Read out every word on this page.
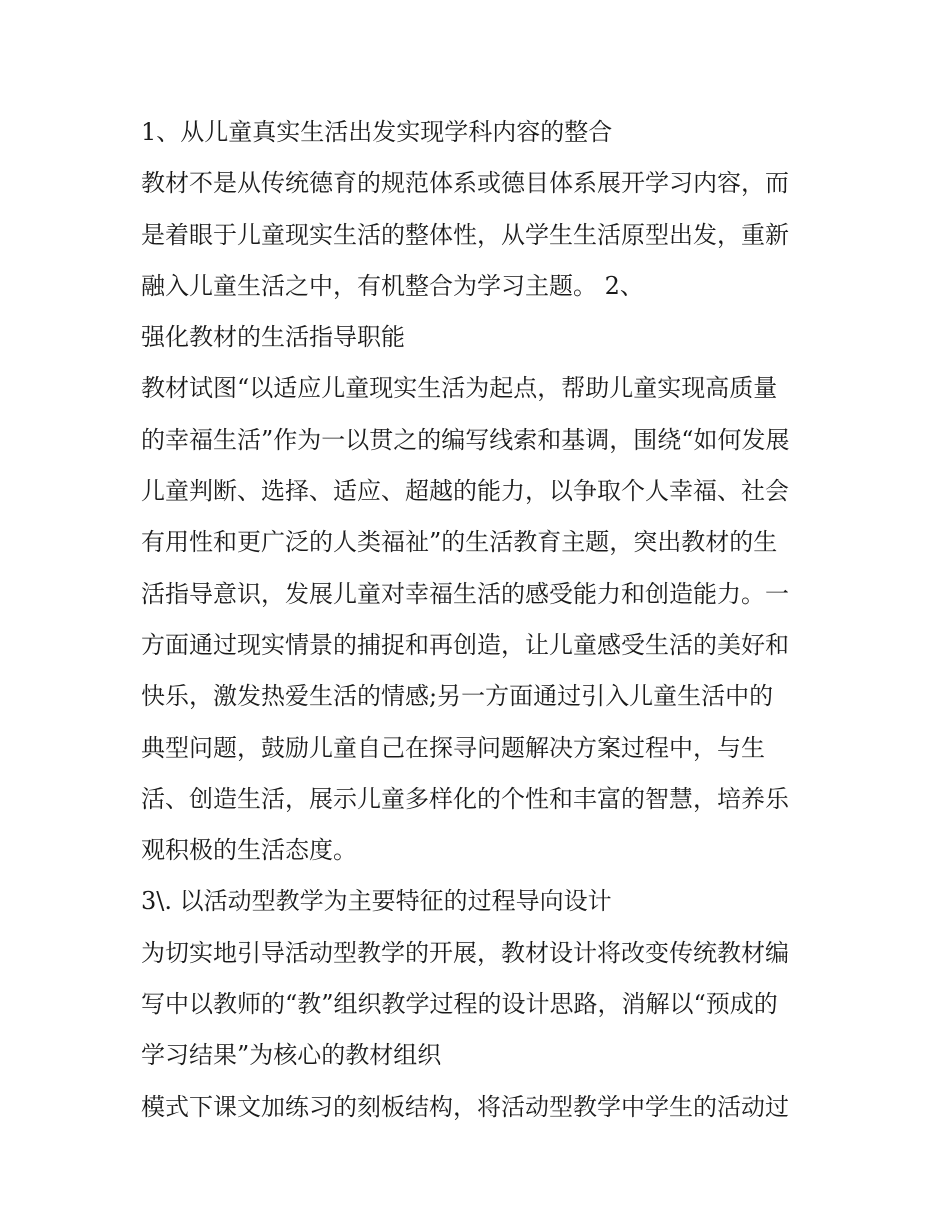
1、从儿童真实生活出发实现学科内容的整合
教材不是从传统德育的规范体系或德目体系展开学习内容，而
是着眼于儿童现实生活的整体性，从学生生活原型出发，重新
融入儿童生活之中，有机整合为学习主题。 2、
强化教材的生活指导职能
教材试图“以适应儿童现实生活为起点，帮助儿童实现高质量
的幸福生活”作为一以贯之的编写线索和基调，围绕“如何发展
儿童判断、选择、适应、超越的能力，以争取个人幸福、社会
有用性和更广泛的人类福祉”的生活教育主题，突出教材的生
活指导意识，发展儿童对幸福生活的感受能力和创造能力。一
方面通过现实情景的捕捉和再创造，让儿童感受生活的美好和
快乐，激发热爱生活的情感;另一方面通过引入儿童生活中的
典型问题，鼓励儿童自己在探寻问题解决方案过程中，与生
活、创造生活，展示儿童多样化的个性和丰富的智慧，培养乐
观积极的生活态度。
3\. 以活动型教学为主要特征的过程导向设计
为切实地引导活动型教学的开展，教材设计将改变传统教材编
写中以教师的“教”组织教学过程的设计思路，消解以“预成的
学习结果”为核心的教材组织
模式下课文加练习的刻板结构，将活动型教学中学生的活动过
